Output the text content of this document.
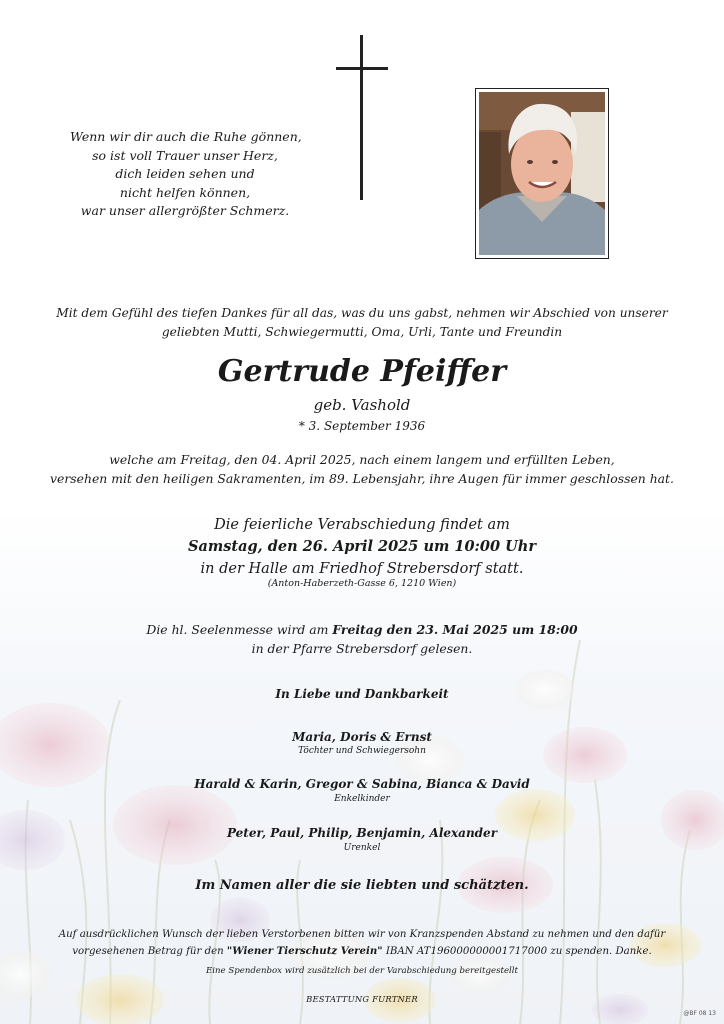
Wenn wir dir auch die Ruhe gönnen,
so ist voll Trauer unser Herz,
dich leiden sehen und
nicht helfen können,
war unser allergrößter Schmerz.
Mit dem Gefühl des tiefen Dankes für all das, was du uns gabst, nehmen wir Abschied von unserer
geliebten Mutti, Schwiegermutti, Oma, Urli, Tante und Freundin
Gertrude Pfeiffer
geb. Vashold
* 3. September 1936
welche am Freitag, den 04. April 2025, nach einem langem und erfüllten Leben,
versehen mit den heiligen Sakramenten, im 89. Lebensjahr, ihre Augen für immer geschlossen hat.
Die feierliche Verabschiedung findet am
Samstag, den 26. April 2025 um 10:00 Uhr
in der Halle am Friedhof Strebersdorf statt.
(Anton-Haberzeth-Gasse 6, 1210 Wien)
Die hl. Seelenmesse wird am Freitag den 23. Mai 2025 um 18:00
in der Pfarre Strebersdorf gelesen.
In Liebe und Dankbarkeit
Maria, Doris & Ernst
Töchter und Schwiegersohn
Harald & Karin, Gregor & Sabina, Bianca & David
Enkelkinder
Peter, Paul, Philip, Benjamin, Alexander
Urenkel
Im Namen aller die sie liebten und schätzten.
Auf ausdrücklichen Wunsch der lieben Verstorbenen bitten wir von Kranzspenden Abstand zu nehmen und den dafür
vorgesehenen Betrag für den "Wiener Tierschutz Verein" IBAN AT196000000001717000 zu spenden. Danke.
Eine Spendenbox wird zusätzlich bei der Varabschiedung bereitgestellt
BESTATTUNG FURTNER
@BF 08 13
